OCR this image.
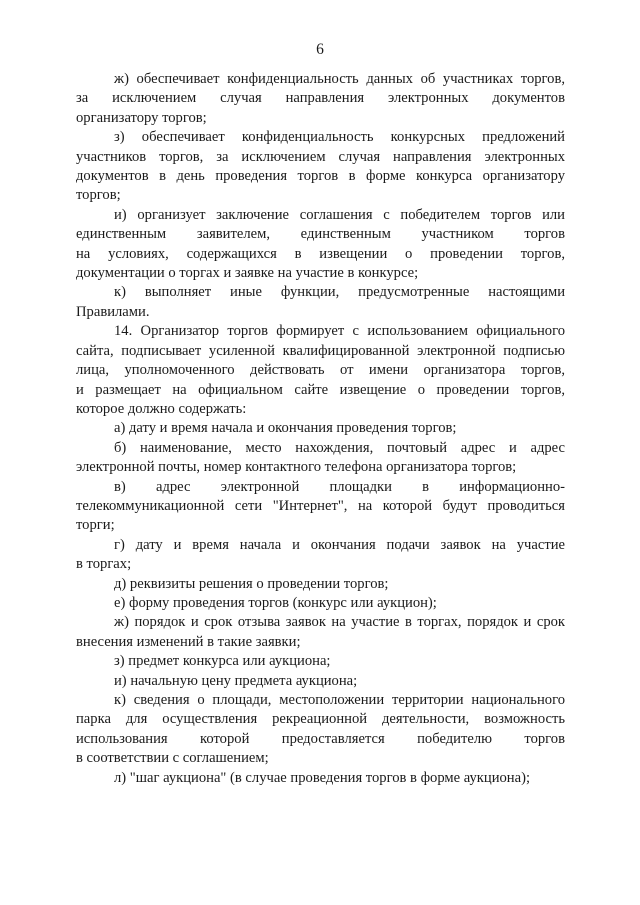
6

ж) обеспечивает конфиденциальность данных об участниках торгов,
за исключением случая направления электронных документов
организатору торгов;

з) обеспечивает конфиденциальность конкурсных предложений
участников торгов, за исключением случая направления электронных
документов в день проведения торгов в форме конкурса организатору
торгов;

и) организует заключение соглашения с победителем торгов или
единственным заявителем, единственным участником торгов
на условиях, содержащихся в извещении о проведении торгов,
документации о торгах и заявке на участие в конкурсе;

к) выполняет иные функции, предусмотренные настоящими
Правилами.

14. Организатор торгов формирует с использованием официального
сайта, подписывает усиленной квалифицированной электронной подписью
лица, уполномоченного действовать от имени организатора торгов,
и размещает на официальном сайте извещение о проведении торгов,
которое должно содержать:

а) дату и время начала и окончания проведения торгов;

б) наименование, место нахождения, почтовый адрес и адрес
электронной почты, номер контактного телефона организатора торгов;

в) адрес электронной площадки в информационно-
телекоммуникационной сети "Интернет", на которой будут проводиться
торги;

г) дату и время начала и окончания подачи заявок на участие
в торгах;

д) реквизиты решения о проведении торгов;

е) форму проведения торгов (конкурс или аукцион);

ж) порядок и срок отзыва заявок на участие в торгах, порядок и срок
внесения изменений в такие заявки;

з) предмет конкурса или аукциона;

и) начальную цену предмета аукциона;

к) сведения о площади, местоположении территории национального
парка для осуществления рекреационной деятельности, возможность
использования которой предоставляется победителю торгов
в соответствии с соглашением;

л) "шаг аукциона" (в случае проведения торгов в форме аукциона);
